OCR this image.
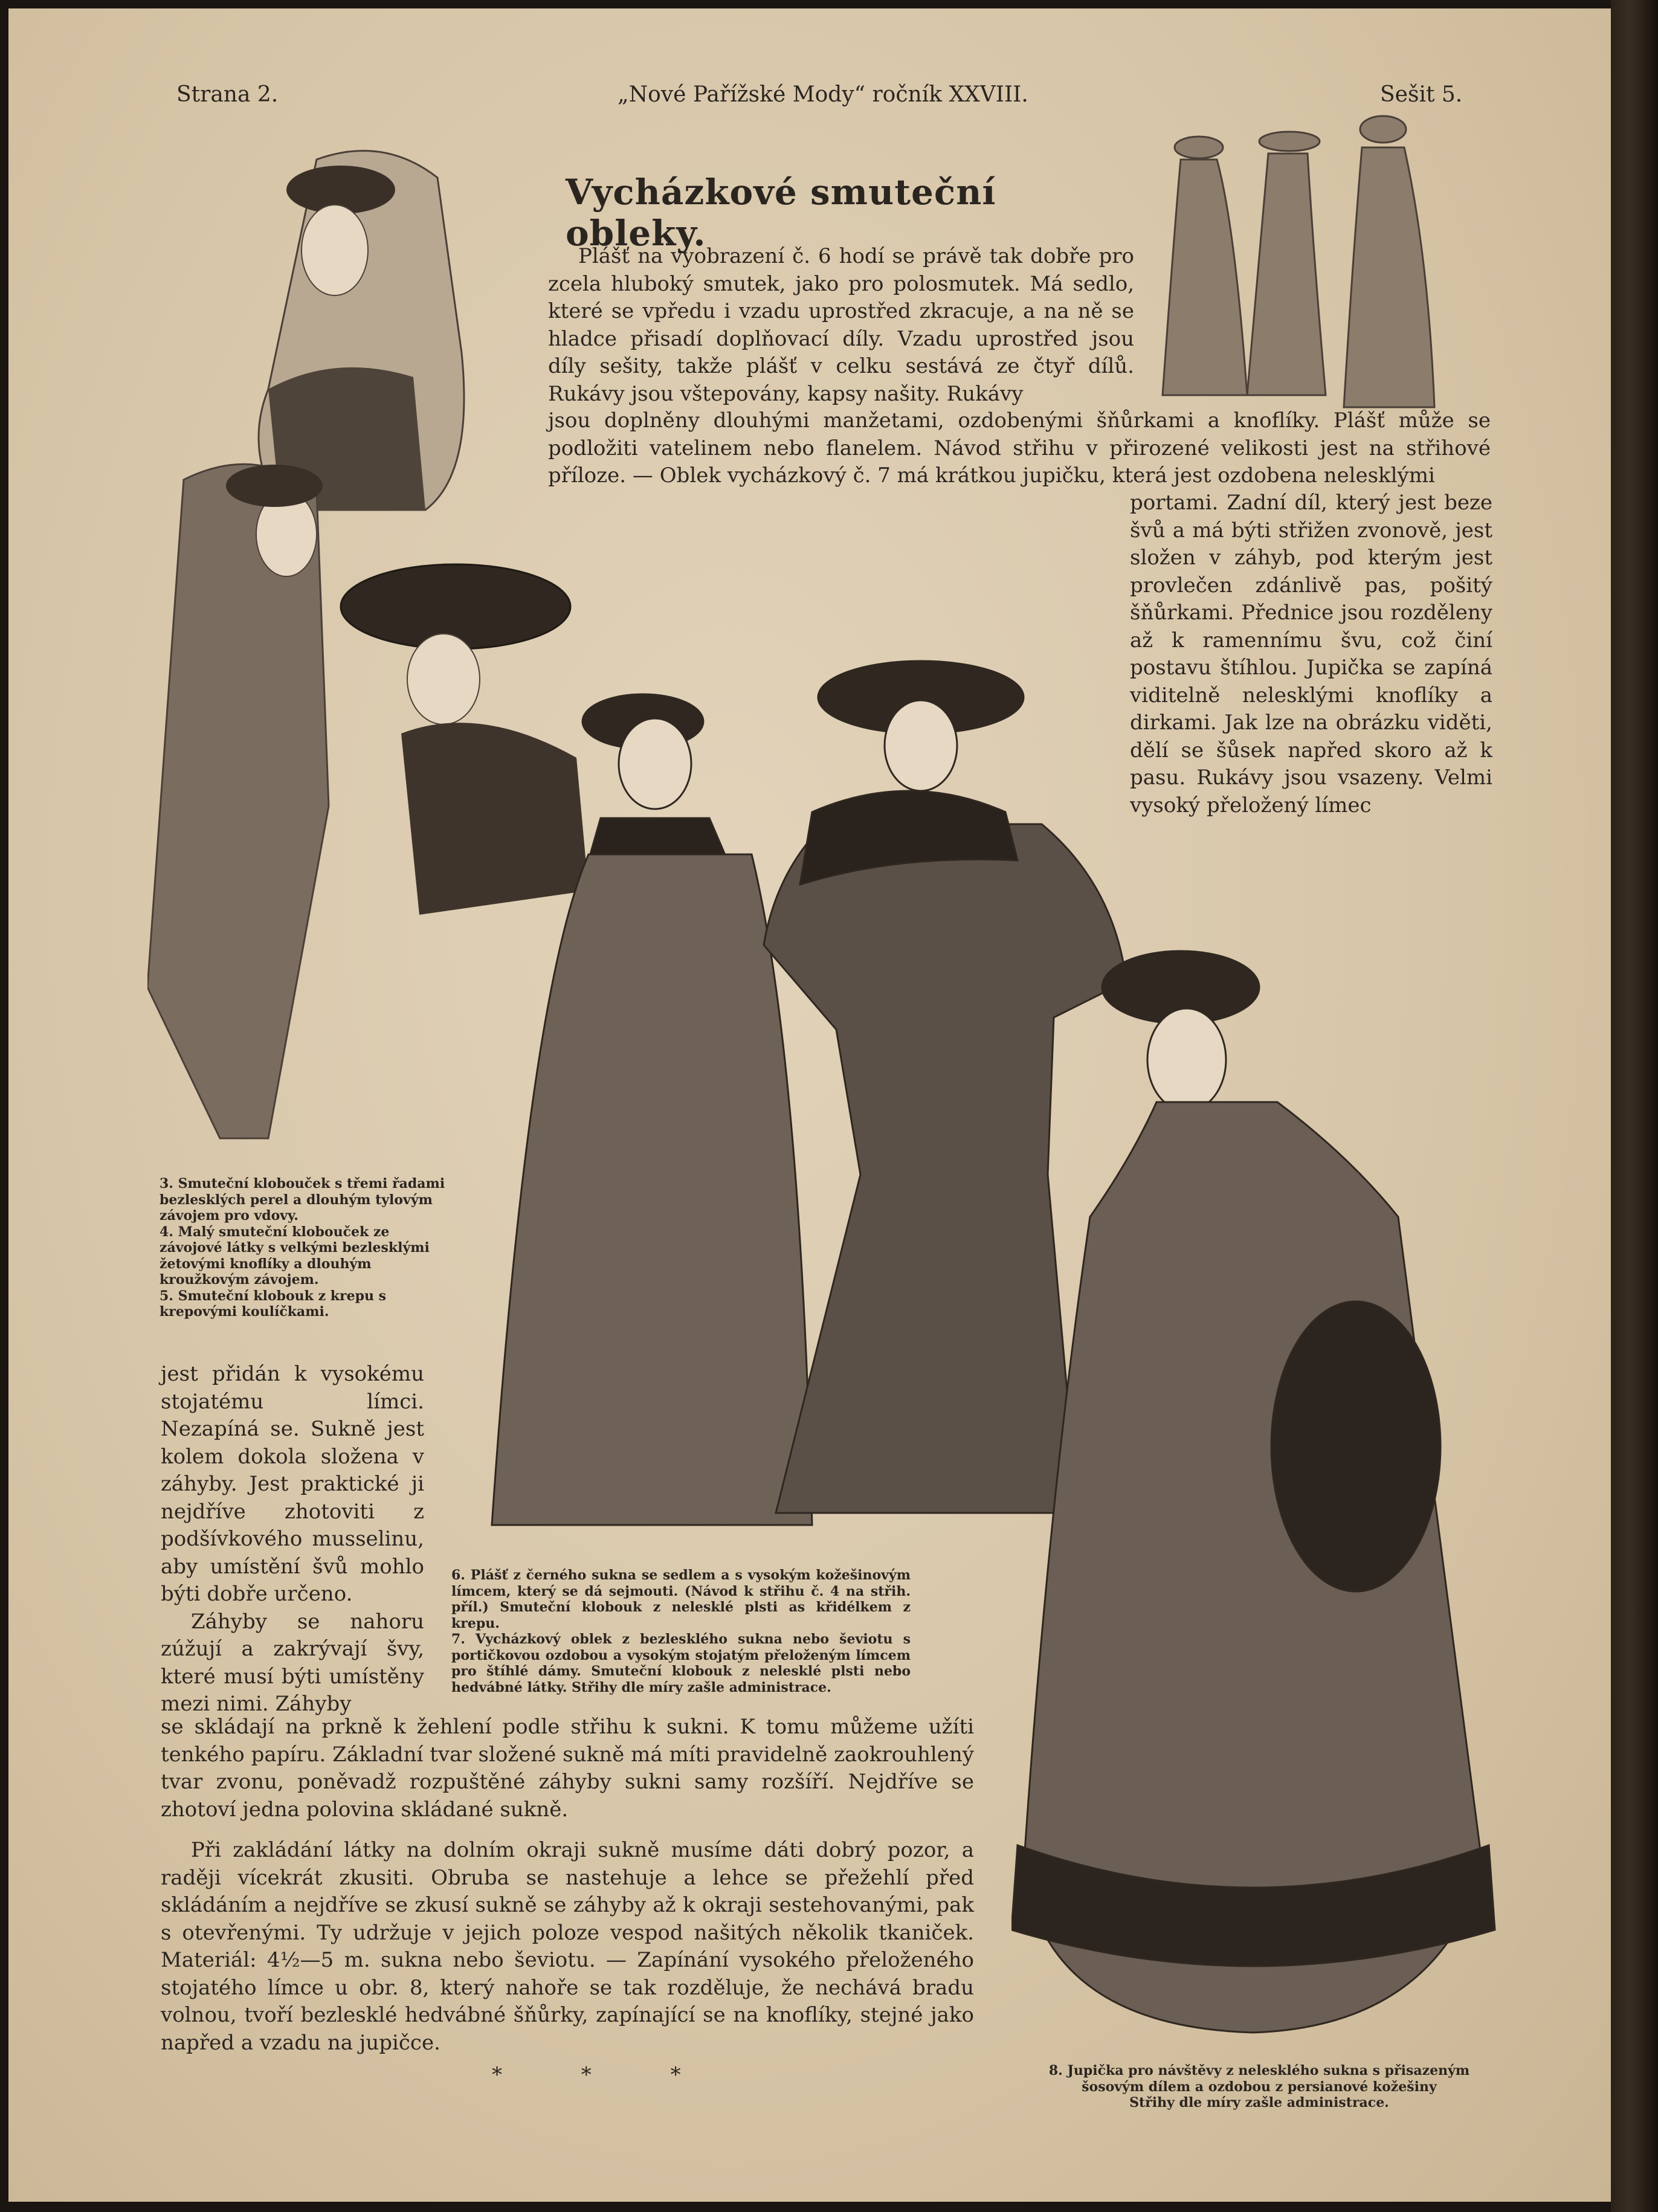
Strana 2.	„Nové Pařížské Mody“ ročník XXVIII.	Sešit 5.
Vycházkové smuteční obleky.

Plášť na vyobrazení č. 6 hodí se právě tak dobře pro zcela hluboký smutek, jako pro polosmutek. Má sedlo, které se vpředu i vzadu uprostřed zkracuje, a na ně se hladce přisadí doplňovací díly. Vzadu uprostřed jsou díly sešity, takže plášť v celku sestává ze čtyř dílů. Rukávy jsou vštepovány, kapsy našity. Rukávy

jsou doplněny dlouhými manžetami, ozdobenými šňůrkami a knoflíky. Plášť může se podložiti vatelinem nebo flanelem. Návod střihu v přirozené velikosti jest na střihové příloze. — Oblek vycházkový č. 7 má krátkou jupičku, která jest ozdobena nelesklými

portami. Zadní díl, který jest beze švů a má býti střižen zvonově, jest složen v záhyb, pod kterým jest provlečen zdánlivě pas, pošitý šňůrkami. Přednice jsou rozděleny až k ramennímu švu, což činí postavu štíhlou. Jupička se zapíná viditelně nelesklými knoflíky a dirkami. Jak lze na obrázku viděti, dělí se šůsek napřed skoro až k pasu. Rukávy jsou vsazeny. Velmi vysoký přeložený límec

3. Smuteční klobouček s třemi řadami bezlesklých perel a dlouhým tylovým závojem pro vdovy.

4. Malý smuteční klobouček ze závojové látky s velkými bezlesklými žetovými knoflíky a dlouhým kroužkovým závojem.

5. Smuteční klobouk z krepu s krepovými koulíčkami.

jest přidán k vysokému stojatému límci. Nezapíná se. Sukně jest kolem dokola složena v záhyby. Jest praktické ji nejdříve zhotoviti z podšívkového musselinu, aby umístění švů mohlo býti dobře určeno.

Záhyby se nahoru zúžují a zakrývají švy, které musí býti umístěny mezi nimi. Záhyby

6. Plášť z černého sukna se sedlem a s vysokým kožešinovým límcem, který se dá sejmouti. (Návod k střihu č. 4 na střih. příl.) Smuteční klobouk z nelesklé plsti as křidélkem z krepu.

7. Vycházkový oblek z bezlesklého sukna nebo ševiotu s portičkovou ozdobou a vysokým stojatým přeloženým límcem pro štíhlé dámy. Smuteční klobouk z nelesklé plsti nebo hedvábné látky. Střihy dle míry zašle administrace.

se skládají na prkně k žehlení podle střihu k sukni. K tomu můžeme užíti tenkého papíru. Základní tvar složené sukně má míti pravidelně zaokrouhlený tvar zvonu, poněvadž rozpuštěné záhyby sukni samy rozšíří. Nejdříve se zhotoví jedna polovina skládané sukně.

Při zakládání látky na dolním okraji sukně musíme dáti dobrý pozor, a raději vícekrát zkusiti. Obruba se nastehuje a lehce se přežehlí před skládáním a nejdříve se zkusí sukně se záhyby až k okraji sestehovanými, pak s otevřenými. Ty udržuje v jejich poloze vespod našitých několik tkaniček. Materiál: 4½—5 m. sukna nebo ševiotu. — Zapínání vysokého přeloženého stojatého límce u obr. 8, který nahoře se tak rozděluje, že nechává bradu volnou, tvoří bezlesklé hedvábné šňůrky, zapínající se na knoflíky, stejné jako napřed a vzadu na jupičce.

* * *	8. Jupička pro návštěvy z nelesklého sukna s přisazeným šosovým dílem a ozdobou z persianové kožešiny

Střihy dle míry zašle administrace.
